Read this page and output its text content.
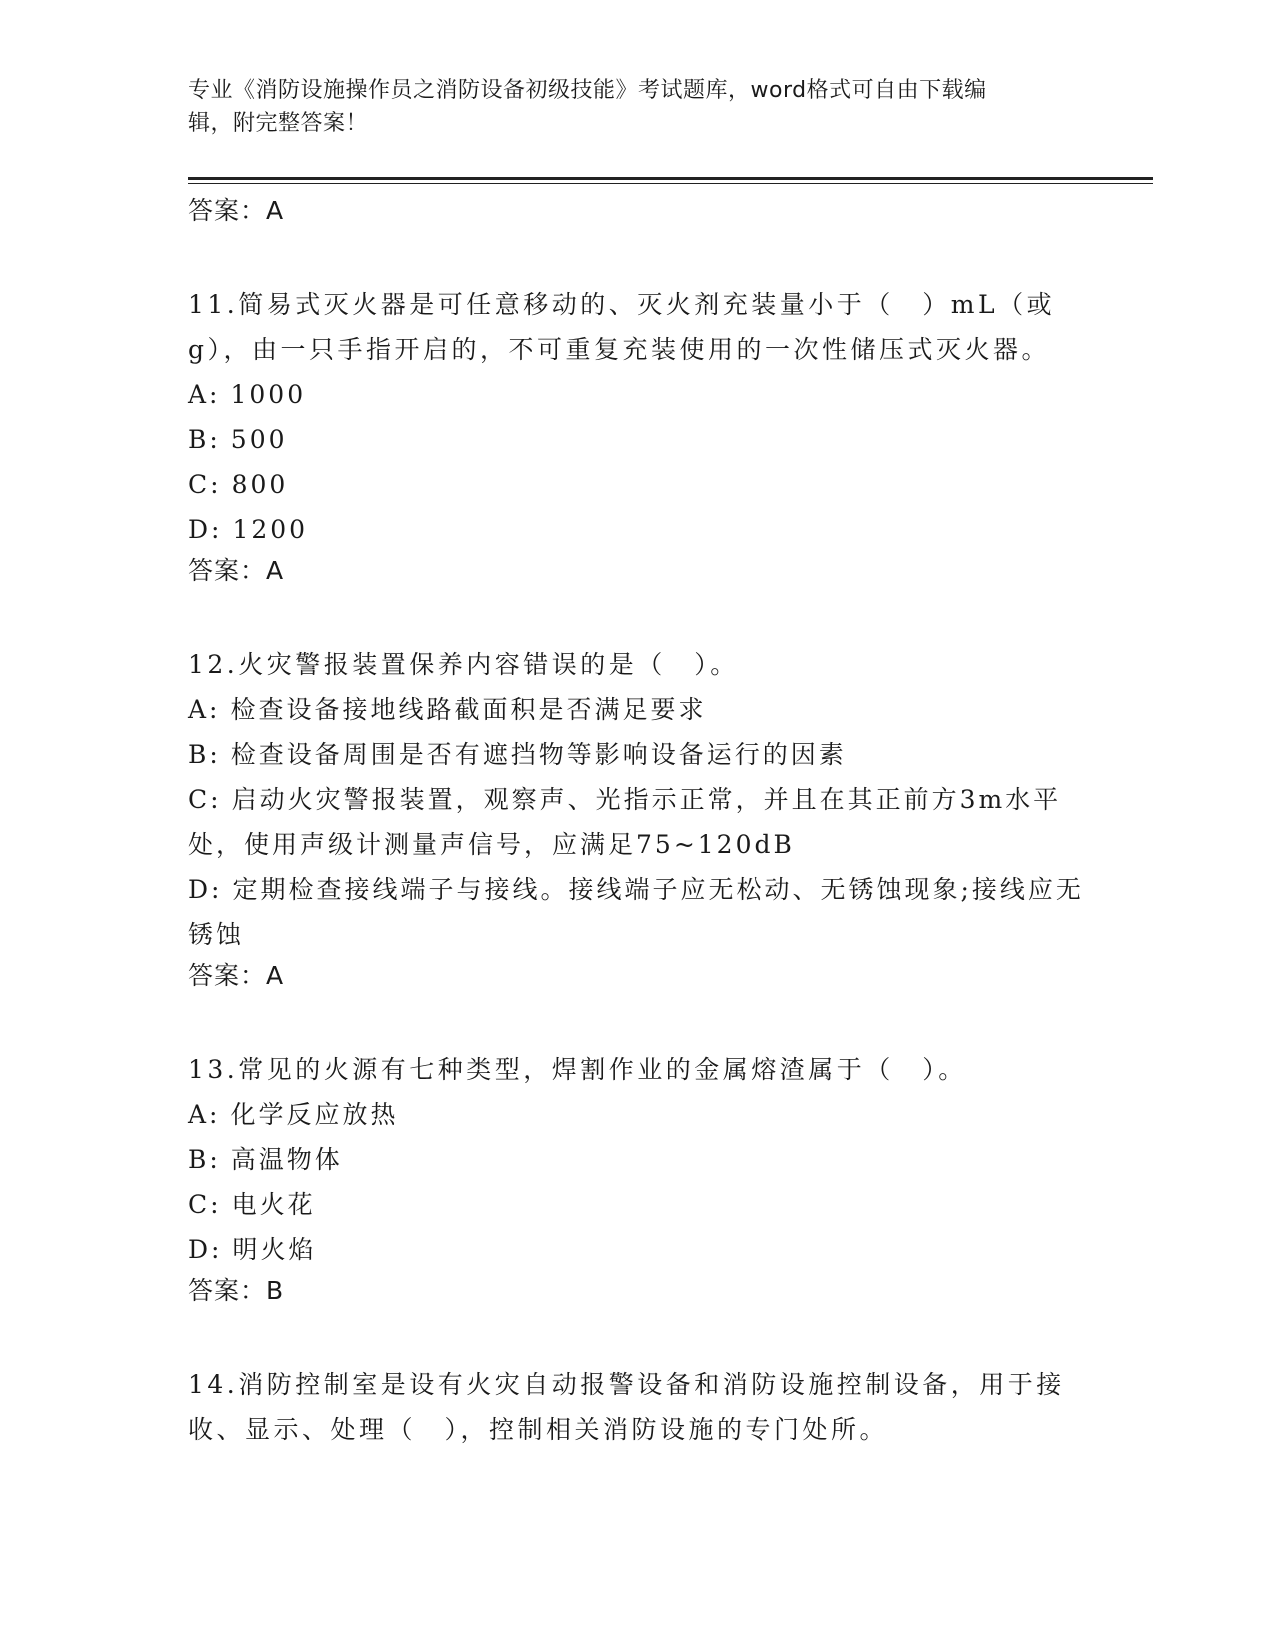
专业《消防设施操作员之消防设备初级技能》考试题库，word格式可自由下载编
辑，附完整答案！
答案：A
11.简易式灭火器是可任意移动的、灭火剂充装量小于（　）mL（或g），由一只手指开启的，不可重复充装使用的一次性储压式灭火器。
A: 1000
B: 500
C: 800
D: 1200
答案：A
12.火灾警报装置保养内容错误的是（　）。
A: 检查设备接地线路截面积是否满足要求
B: 检查设备周围是否有遮挡物等影响设备运行的因素
C: 启动火灾警报装置，观察声、光指示正常，并且在其正前方3m水平处，使用声级计测量声信号，应满足75~120dB
D: 定期检查接线端子与接线。接线端子应无松动、无锈蚀现象;接线应无锈蚀
答案：A
13.常见的火源有七种类型，焊割作业的金属熔渣属于（　）。
A: 化学反应放热
B: 高温物体
C: 电火花
D: 明火焰
答案：B
14.消防控制室是设有火灾自动报警设备和消防设施控制设备，用于接收、显示、处理（　），控制相关消防设施的专门处所。
